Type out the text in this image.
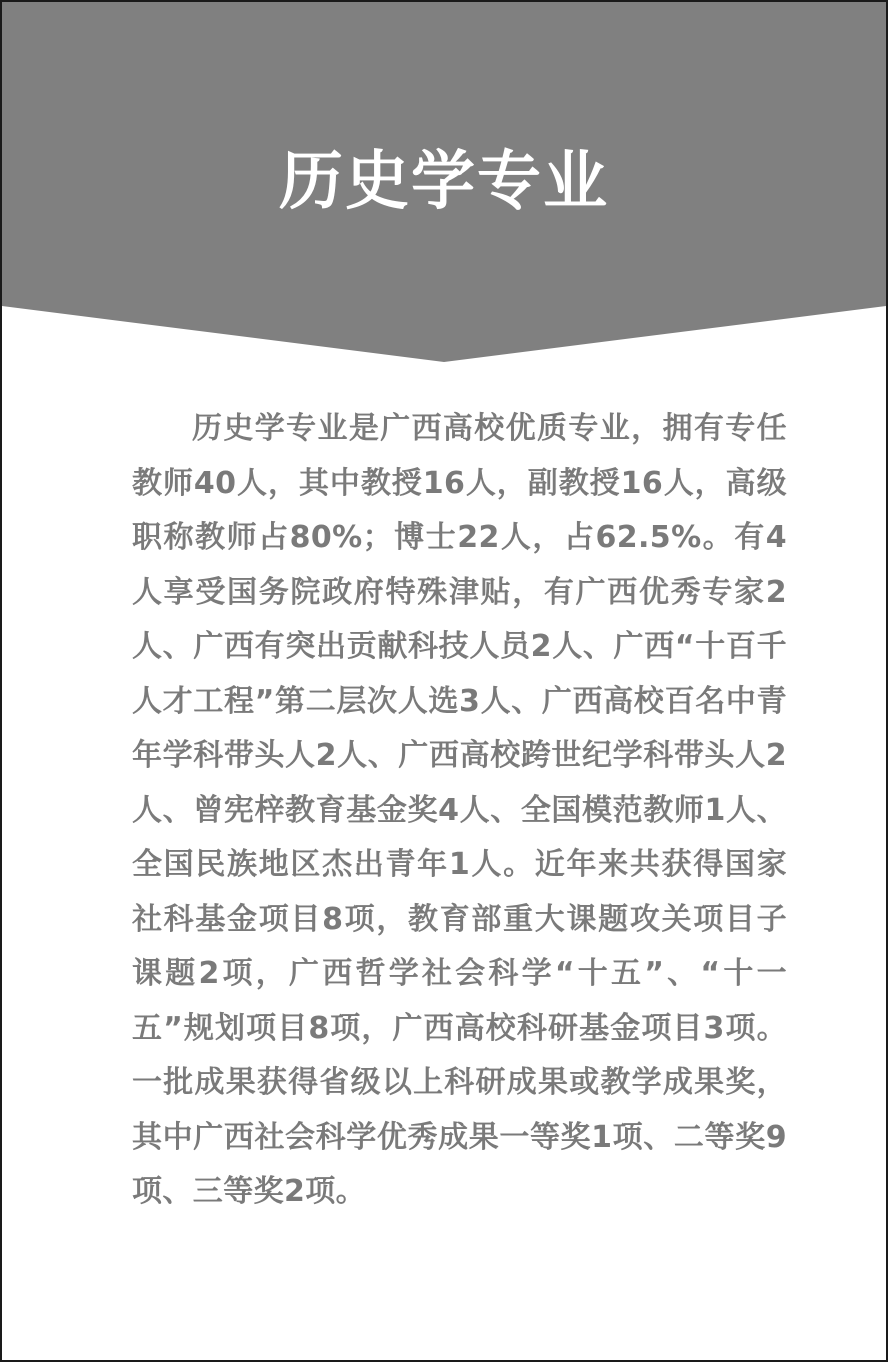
历史学专业

历史学专业是广西高校优质专业，拥有专任教师40人，其中教授16人，副教授16人，高级职称教师占80%；博士22人，占62.5%。有4人享受国务院政府特殊津贴，有广西优秀专家2人、广西有突出贡献科技人员2人、广西“十百千人才工程”第二层次人选3人、广西高校百名中青年学科带头人2人、广西高校跨世纪学科带头人2人、曾宪梓教育基金奖4人、全国模范教师1人、全国民族地区杰出青年1人。近年来共获得国家社科基金项目8项，教育部重大课题攻关项目子课题2项，广西哲学社会科学“十五”、“十一五”规划项目8项，广西高校科研基金项目3项。一批成果获得省级以上科研成果或教学成果奖，其中广西社会科学优秀成果一等奖1项、二等奖9项、三等奖2项。
